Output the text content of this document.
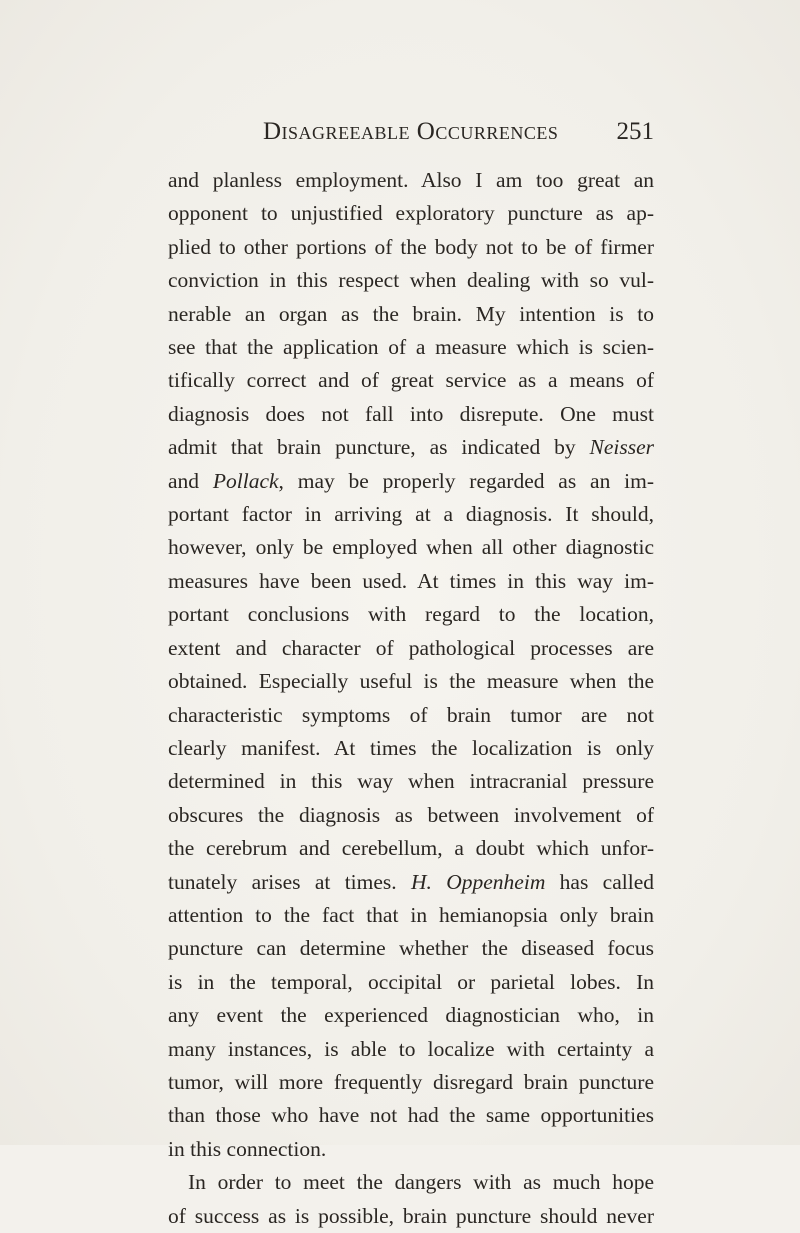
Disagreeable Occurrences 251
and planless employment. Also I am too great an
opponent to unjustified exploratory puncture as ap-
plied to other portions of the body not to be of firmer
conviction in this respect when dealing with so vul-
nerable an organ as the brain. My intention is to
see that the application of a measure which is scien-
tifically correct and of great service as a means of
diagnosis does not fall into disrepute. One must
admit that brain puncture, as indicated by Neisser
and Pollack, may be properly regarded as an im-
portant factor in arriving at a diagnosis. It should,
however, only be employed when all other diagnostic
measures have been used. At times in this way im-
portant conclusions with regard to the location,
extent and character of pathological processes are
obtained. Especially useful is the measure when the
characteristic symptoms of brain tumor are not
clearly manifest. At times the localization is only
determined in this way when intracranial pressure
obscures the diagnosis as between involvement of
the cerebrum and cerebellum, a doubt which unfor-
tunately arises at times. H. Oppenheim has called
attention to the fact that in hemianopsia only brain
puncture can determine whether the diseased focus
is in the temporal, occipital or parietal lobes. In
any event the experienced diagnostician who, in
many instances, is able to localize with certainty a
tumor, will more frequently disregard brain puncture
than those who have not had the same opportunities
in this connection.
In order to meet the dangers with as much hope
of success as is possible, brain puncture should never
